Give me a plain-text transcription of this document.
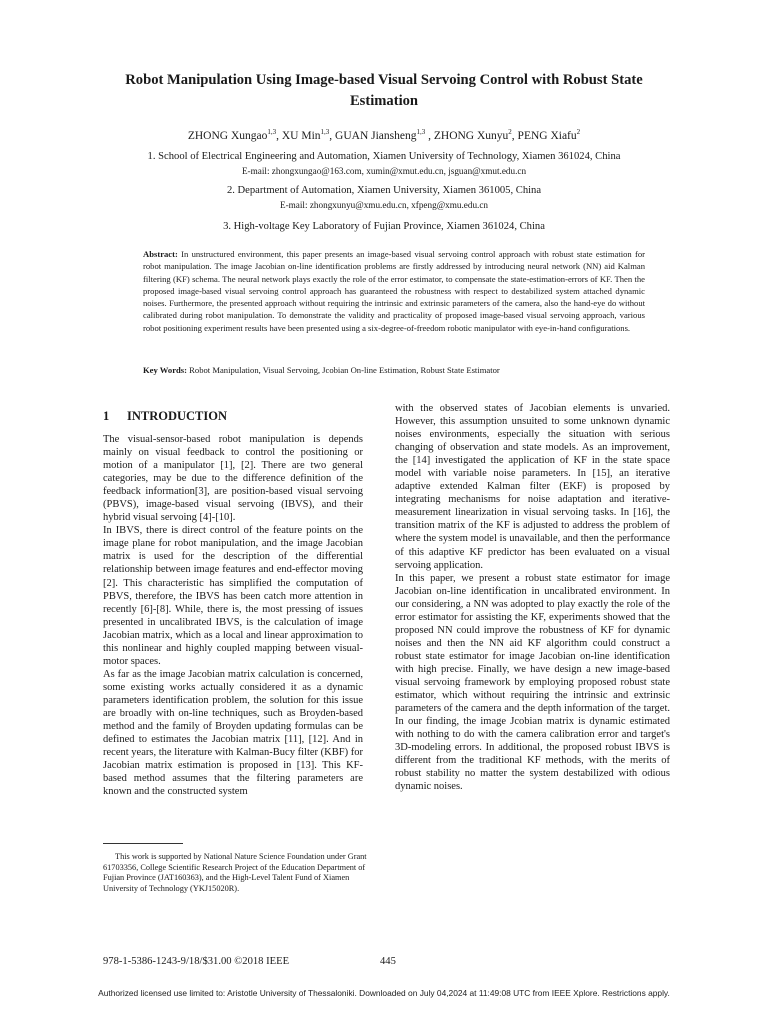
Robot Manipulation Using Image-based Visual Servoing Control with Robust State Estimation
ZHONG Xungao$^{1,3}$, XU Min$^{1,3}$, GUAN Jiansheng$^{1,3}$ , ZHONG Xunyu$^2$, PENG Xiafu$^2$
1. School of Electrical Engineering and Automation, Xiamen University of Technology, Xiamen 361024, China
E-mail: zhongxungao@163.com, xumin@xmut.edu.cn, jsguan@xmut.edu.cn
2. Department of Automation, Xiamen University, Xiamen 361005, China
E-mail: zhongxunyu@xmu.edu.cn, xfpeng@xmu.edu.cn
3. High-voltage Key Laboratory of Fujian Province, Xiamen 361024, China
Abstract: In unstructured environment, this paper presents an image-based visual servoing control approach with robust state estimation for robot manipulation. The image Jacobian on-line identification problems are firstly addressed by introducing neural network (NN) aid Kalman filtering (KF) schema. The neural network plays exactly the role of the error estimator, to compensate the state-estimation-errors of KF. Then the proposed image-based visual servoing control approach has guaranteed the robustness with respect to destabilized system attached dynamic noises. Furthermore, the presented approach without requiring the intrinsic and extrinsic parameters of the camera, also the hand-eye do without calibrated during robot manipulation. To demonstrate the validity and practicality of proposed image-based visual servoing approach, various robot positioning experiment results have been presented using a six-degree-of-freedom robotic manipulator with eye-in-hand configurations.
Key Words: Robot Manipulation, Visual Servoing, Jcobian On-line Estimation, Robust State Estimator
1 INTRODUCTION

The visual-sensor-based robot manipulation is depends mainly on visual feedback to control the positioning or motion of a manipulator [1], [2]. There are two general categories, may be due to the difference definition of the feedback information[3], are position-based visual servoing (PBVS), image-based visual servoing (IBVS), and their hybrid visual servoing [4]-[10].

In IBVS, there is direct control of the feature points on the image plane for robot manipulation, and the image Jacobian matrix is used for the description of the differential relationship between image features and end-effector moving [2]. This characteristic has simplified the computation of PBVS, therefore, the IBVS has been catch more attention in recently [6]-[8]. While, there is, the most pressing of issues presented in uncalibrated IBVS, is the calculation of image Jacobian matrix, which as a local and linear approximation to this nonlinear and highly coupled mapping between visual-motor spaces.

As far as the image Jacobian matrix calculation is concerned, some existing works actually considered it as a dynamic parameters identification problem, the solution for this issue are broadly with on-line techniques, such as Broyden-based method and the family of Broyden updating formulas can be defined to estimates the Jacobian matrix [11], [12]. And in recent years, the literature with Kalman-Bucy filter (KBF) for Jacobian matrix estimation is proposed in [13]. This KF-based method assumes that the filtering parameters are known and the constructed system

with the observed states of Jacobian elements is unvaried. However, this assumption unsuited to some unknown dynamic noises environments, especially the situation with serious changing of observation and state models. As an improvement, the [14] investigated the application of KF in the state space model with variable noise parameters. In [15], an iterative adaptive extended Kalman filter (EKF) is proposed by integrating mechanisms for noise adaptation and iterative-measurement linearization in visual servoing tasks. In [16], the transition matrix of the KF is adjusted to address the problem of where the system model is unavailable, and then the performance of this adaptive KF predictor has been evaluated on a visual servoing application.

In this paper, we present a robust state estimator for image Jacobian on-line identification in uncalibrated environment. In our considering, a NN was adopted to play exactly the role of the error estimator for assisting the KF, experiments showed that the proposed NN could improve the robustness of KF for dynamic noises and then the NN aid KF algorithm could construct a robust state estimator for image Jacobian on-line identification with high precise. Finally, we have design a new image-based visual servoing framework by employing proposed robust state estimator, which without requiring the intrinsic and extrinsic parameters of the camera and the depth information of the target. In our finding, the image Jcobian matrix is dynamic estimated with nothing to do with the camera calibration error and target's 3D-modeling errors. In additional, the proposed robust IBVS is different from the traditional KF methods, with the merits of robust stability no matter the system destabilized with odious dynamic noises.

This work is supported by National Nature Science Foundation under Grant 61703356, College Scientific Research Project of the Education Department of Fujian Province (JAT160363), and the High-Level Talent Fund of Xiamen University of Technology (YKJ15020R).
978-1-5386-1243-9/18/$31.00 ©2018 IEEE	445
Authorized licensed use limited to: Aristotle University of Thessaloniki. Downloaded on July 04,2024 at 11:49:08 UTC from IEEE Xplore. Restrictions apply.
